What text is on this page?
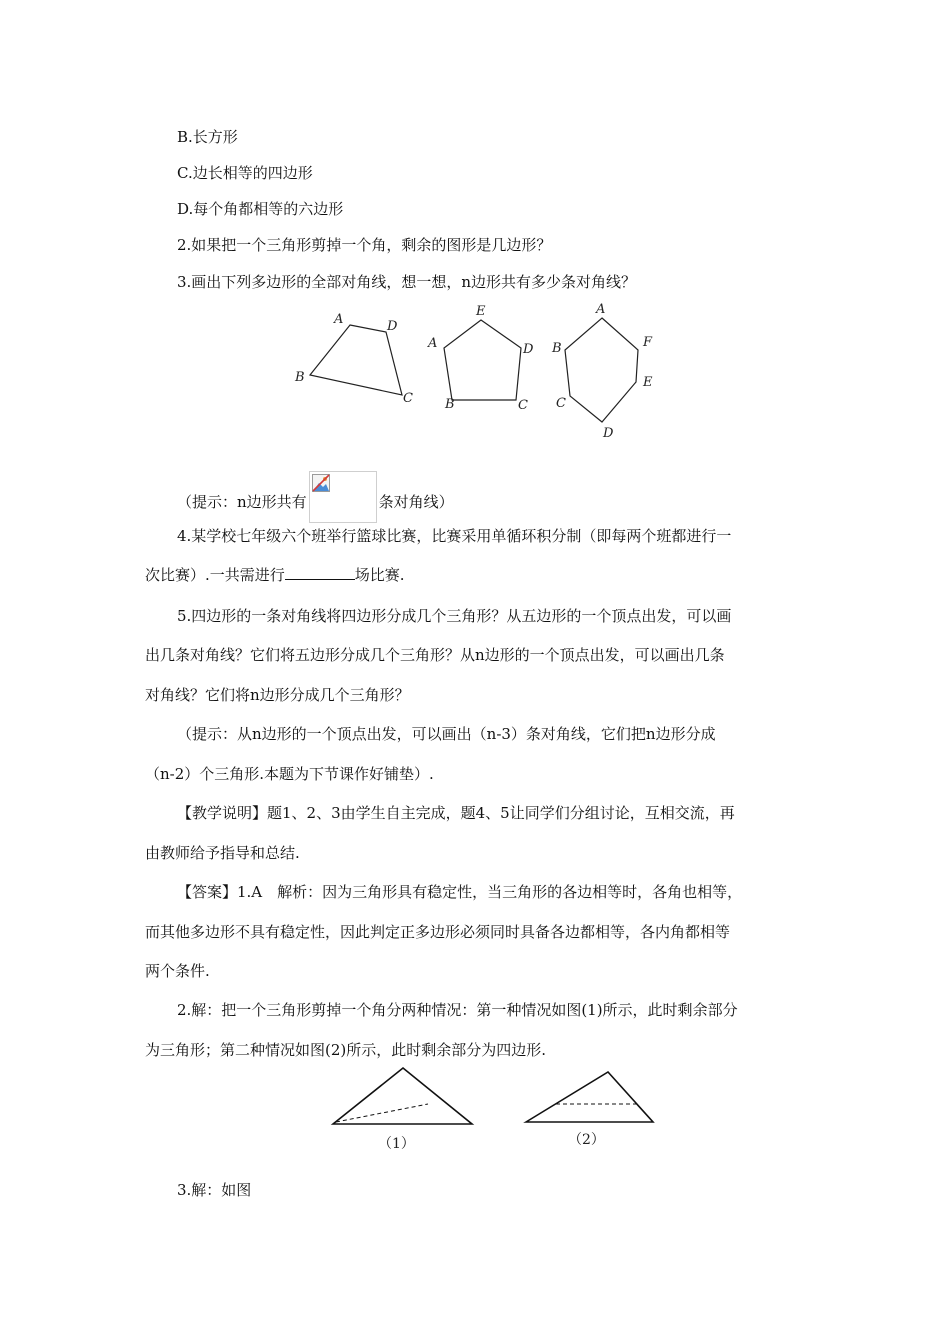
B.长方形
C.边长相等的四边形
D.每个角都相等的六边形
2.如果把一个三角形剪掉一个角，剩余的图形是几边形？
3.画出下列多边形的全部对角线，想一想，n边形共有多少条对角线？
A	D
B
C
E
A	D
B	C
A
F
B
E
C
D
（提示：n边形共有	条对角线）
4.某学校七年级六个班举行篮球比赛，比赛采用单循环积分制（即每两个班都进行一
次比赛）.一共需进行	场比赛.
5.四边形的一条对角线将四边形分成几个三角形？从五边形的一个顶点出发，可以画
出几条对角线？它们将五边形分成几个三角形？从n边形的一个顶点出发，可以画出几条
对角线？它们将n边形分成几个三角形？
（提示：从n边形的一个顶点出发，可以画出（n-3）条对角线，它们把n边形分成
（n-2）个三角形.本题为下节课作好铺垫）.
【教学说明】题1、2、3由学生自主完成，题4、5让同学们分组讨论，互相交流，再
由教师给予指导和总结.
【答案】1.A　解析：因为三角形具有稳定性，当三角形的各边相等时，各角也相等，
而其他多边形不具有稳定性，因此判定正多边形必须同时具备各边都相等，各内角都相等
两个条件.
2.解：把一个三角形剪掉一个角分两种情况：第一种情况如图(1)所示，此时剩余部分
为三角形；第二种情况如图(2)所示，此时剩余部分为四边形.
（1）	（2）
3.解：如图
